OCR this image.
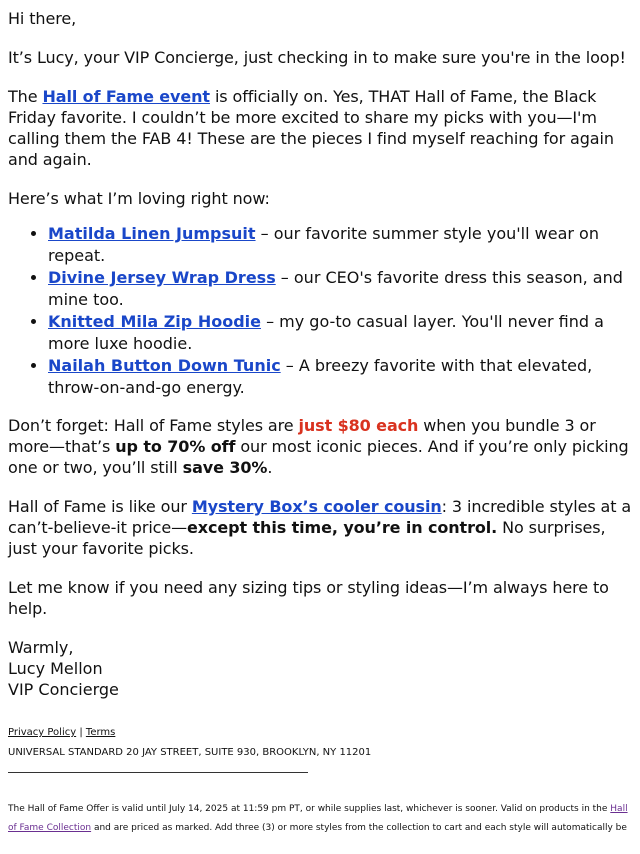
Hi there,

It’s Lucy, your VIP Concierge, just checking in to make sure you're in the loop!

The Hall of Fame event is officially on. Yes, THAT Hall of Fame, the Black Friday favorite. I couldn’t be more excited to share my picks with you—I'm calling them the FAB 4! These are the pieces I find myself reaching for again and again.

Here’s what I’m loving right now:

• Matilda Linen Jumpsuit – our favorite summer style you'll wear on repeat.
• Divine Jersey Wrap Dress – our CEO's favorite dress this season, and mine too.
• Knitted Mila Zip Hoodie – my go-to casual layer. You'll never find a more luxe hoodie.
• Nailah Button Down Tunic – A breezy favorite with that elevated, throw-on-and-go energy.

Don’t forget: Hall of Fame styles are just $80 each when you bundle 3 or more—that’s up to 70% off our most iconic pieces. And if you’re only picking one or two, you’ll still save 30%.

Hall of Fame is like our Mystery Box’s cooler cousin: 3 incredible styles at a can’t-believe-it price—except this time, you’re in control. No surprises, just your favorite picks.

Let me know if you need any sizing tips or styling ideas—I’m always here to help.

Warmly,
Lucy Mellon
VIP Concierge
Privacy Policy | Terms
UNIVERSAL STANDARD 20 JAY STREET, SUITE 930, BROOKLYN, NY 11201

The Hall of Fame Offer is valid until July 14, 2025 at 11:59 pm PT, or while supplies last, whichever is sooner. Valid on products in the Hall of Fame Collection and are priced as marked. Add three (3) or more styles from the collection to cart and each style will automatically be
